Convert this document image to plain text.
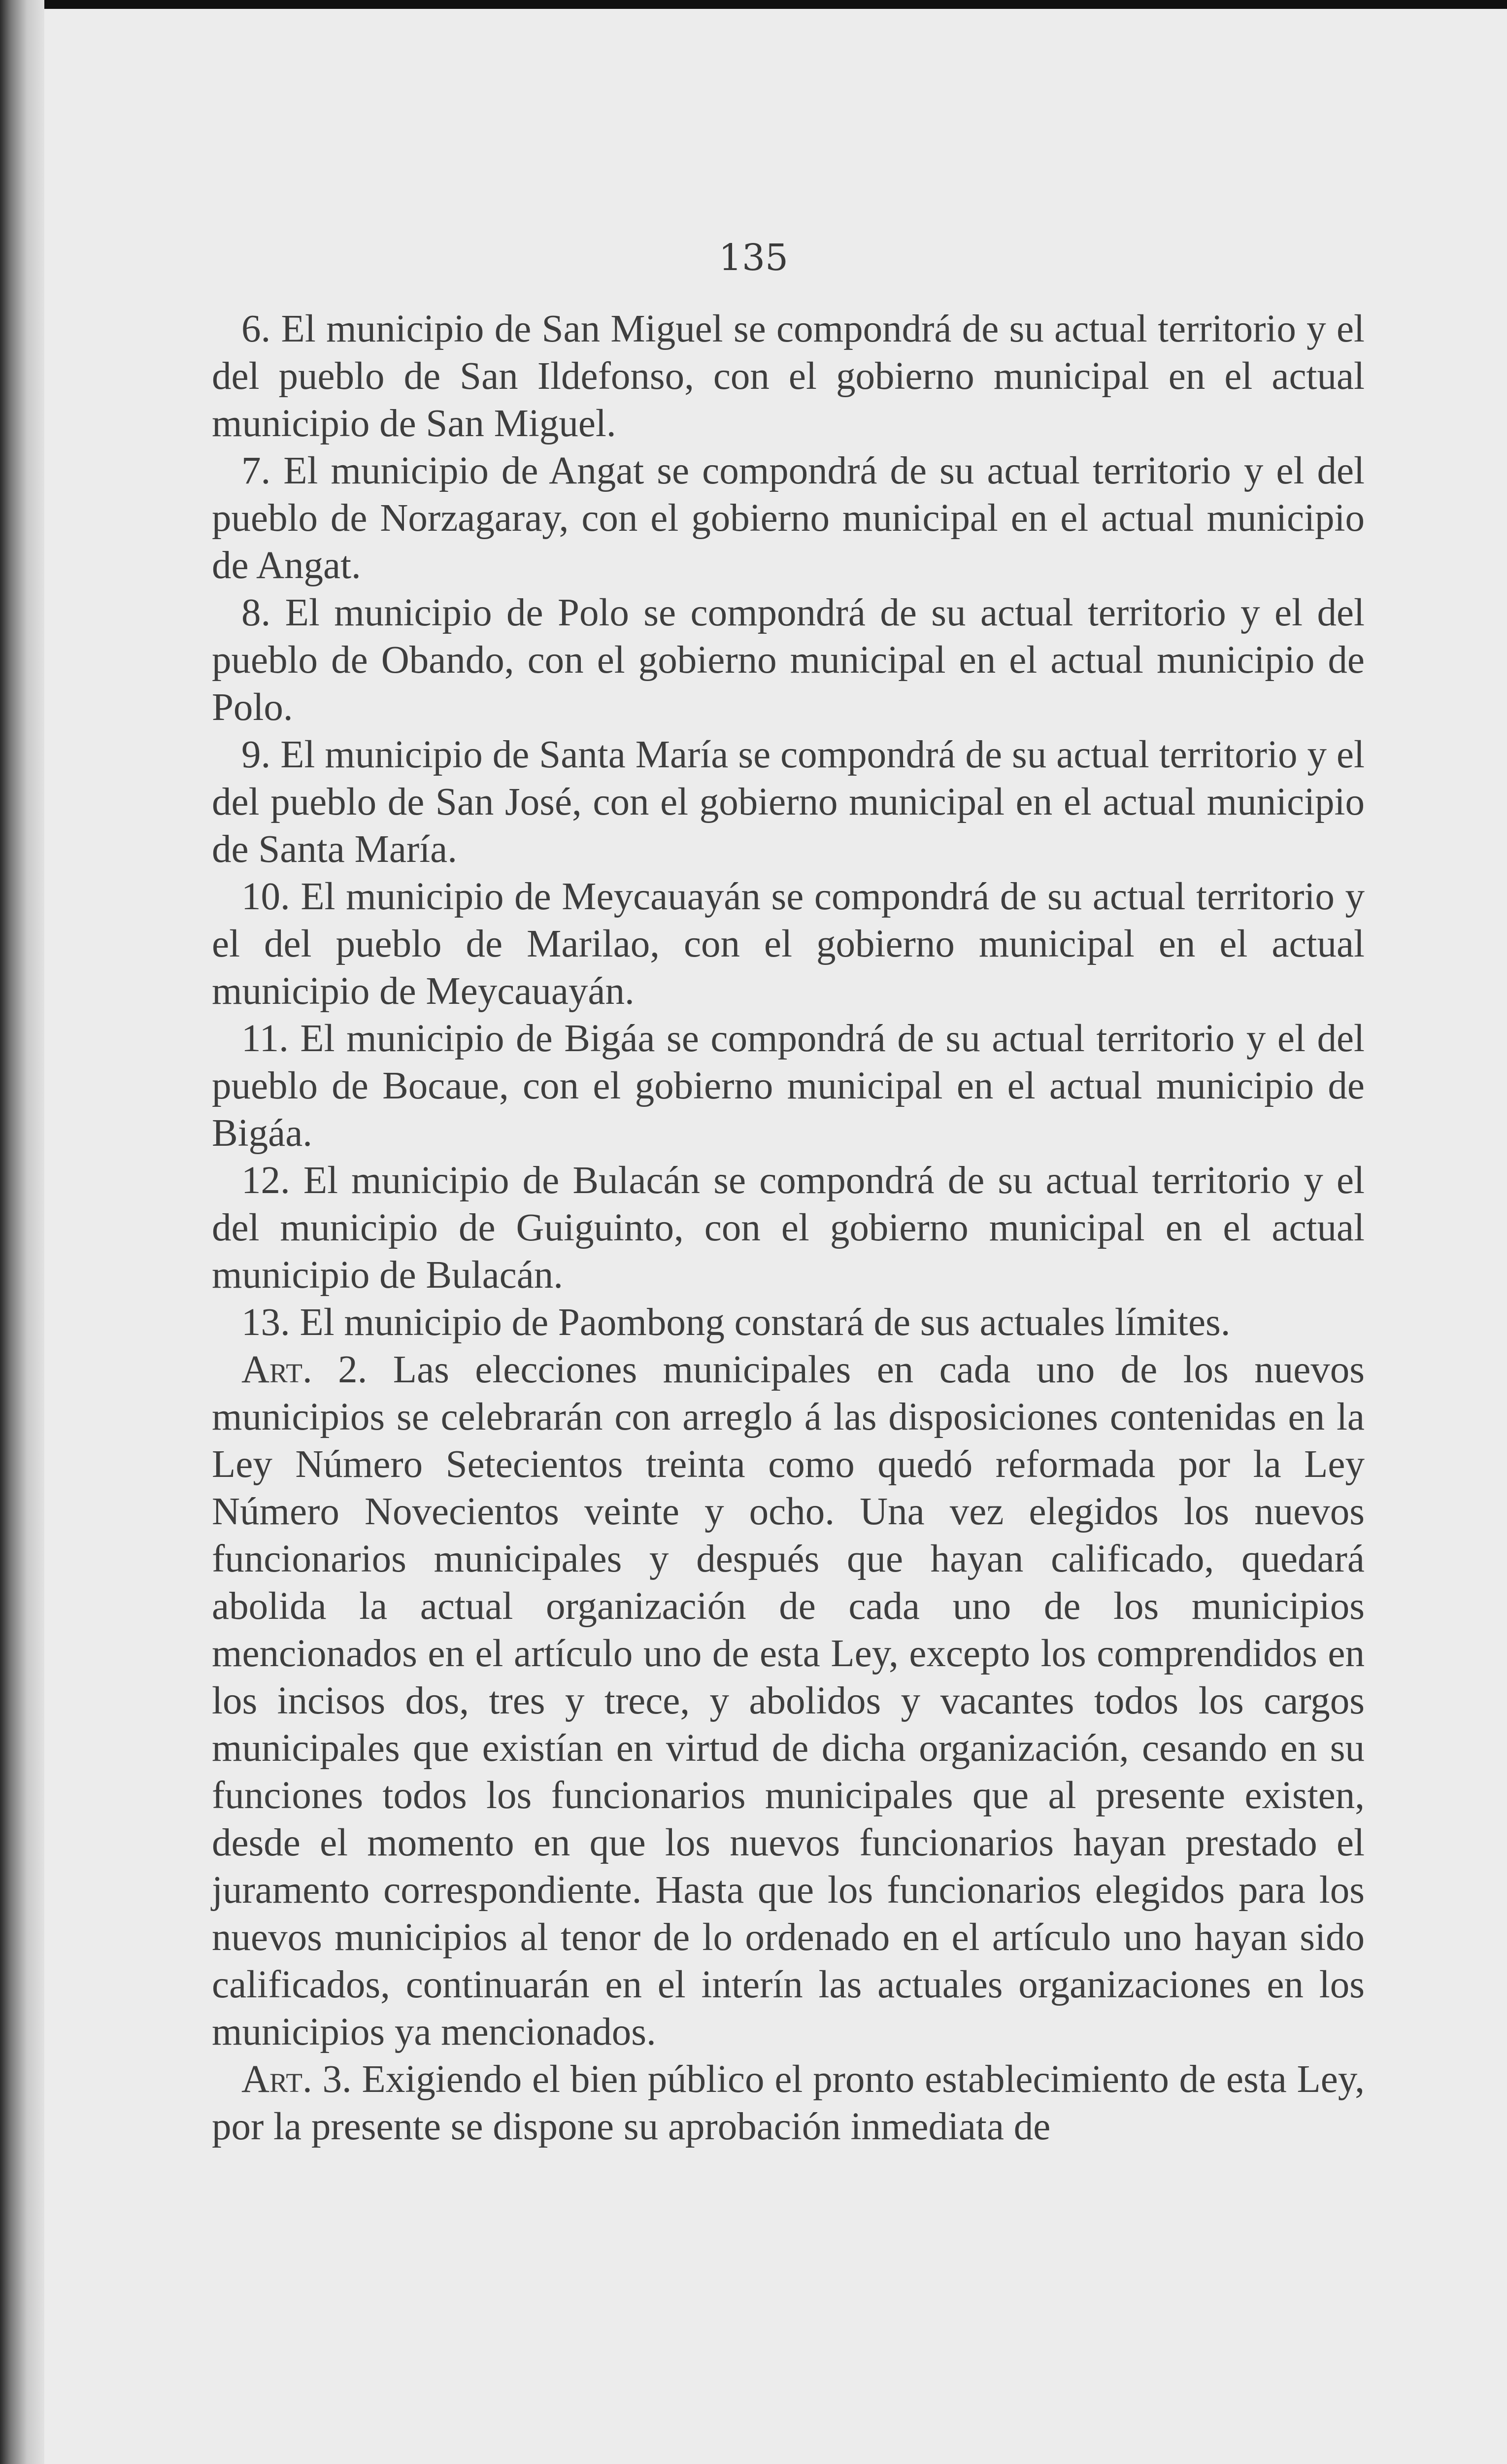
135

6. El municipio de San Miguel se compondrá de su actual territorio y el del pueblo de San Ildefonso, con el gobierno municipal en el actual municipio de San Miguel.

7. El municipio de Angat se compondrá de su actual territorio y el del pueblo de Norzagaray, con el gobierno municipal en el actual municipio de Angat.

8. El municipio de Polo se compondrá de su actual territorio y el del pueblo de Obando, con el gobierno municipal en el actual municipio de Polo.

9. El municipio de Santa María se compondrá de su actual territorio y el del pueblo de San José, con el gobierno municipal en el actual municipio de Santa María.

10. El municipio de Meycauayán se compondrá de su actual territorio y el del pueblo de Marilao, con el gobierno municipal en el actual municipio de Meycauayán.

11. El municipio de Bigáa se compondrá de su actual territorio y el del pueblo de Bocaue, con el gobierno municipal en el actual municipio de Bigáa.

12. El municipio de Bulacán se compondrá de su actual territorio y el del municipio de Guiguinto, con el gobierno municipal en el actual municipio de Bulacán.

13. El municipio de Paombong constará de sus actuales límites.

Art. 2. Las elecciones municipales en cada uno de los nuevos municipios se celebrarán con arreglo á las disposiciones contenidas en la Ley Número Setecientos treinta como quedó reformada por la Ley Número Novecientos veinte y ocho. Una vez elegidos los nuevos funcionarios municipales y después que hayan calificado, quedará abolida la actual organización de cada uno de los municipios mencionados en el artículo uno de esta Ley, excepto los comprendidos en los incisos dos, tres y trece, y abolidos y vacantes todos los cargos municipales que existían en virtud de dicha organización, cesando en su funciones todos los funcionarios municipales que al presente existen, desde el momento en que los nuevos funcionarios hayan prestado el juramento correspondiente. Hasta que los funcionarios elegidos para los nuevos municipios al tenor de lo ordenado en el artículo uno hayan sido calificados, continuarán en el interín las actuales organizaciones en los municipios ya mencionados.

Art. 3. Exigiendo el bien público el pronto establecimiento de esta Ley, por la presente se dispone su aprobación inmediata de
